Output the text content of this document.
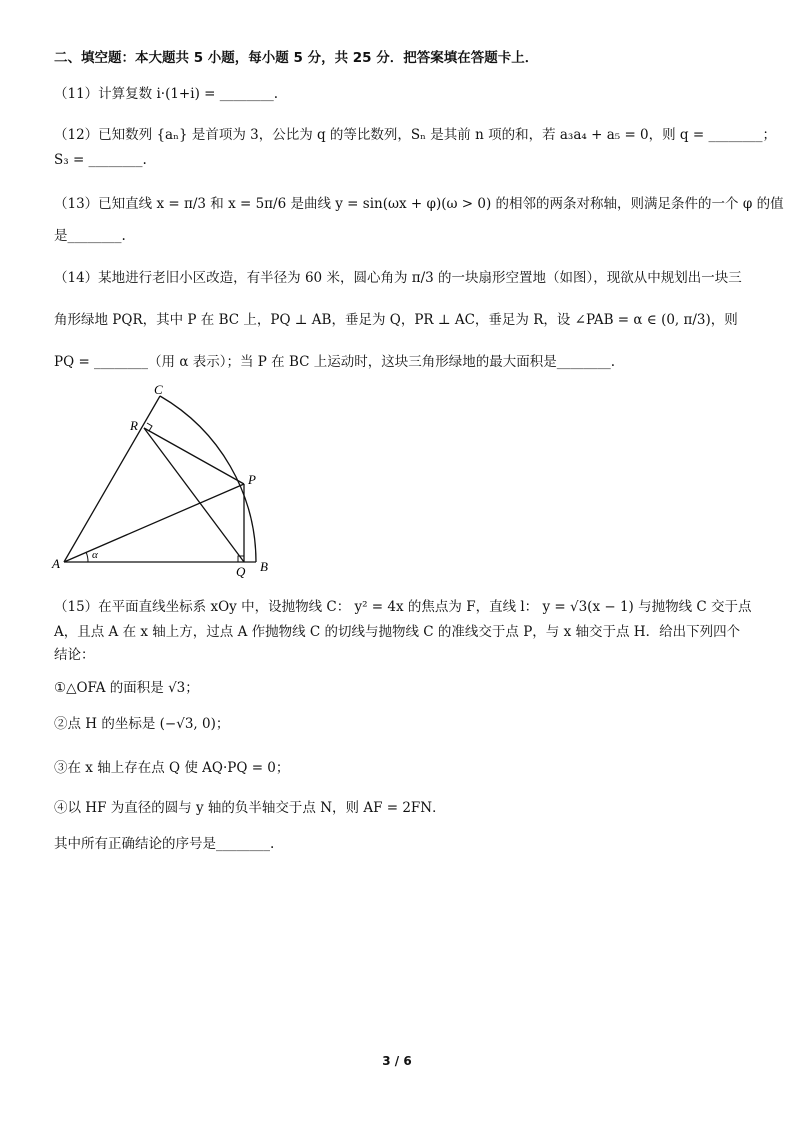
二、填空题：本大题共 5 小题，每小题 5 分，共 25 分．把答案填在答题卡上．
（11）计算复数 i·(1+i) = ________.
（12）已知数列 {aₙ} 是首项为 3，公比为 q 的等比数列，Sₙ 是其前 n 项的和，若 a₃a₄ + a₅ = 0，则 q = ________；
S₃ = ________.
（13）已知直线 x = π/3 和 x = 5π/6 是曲线 y = sin(ωx + φ)(ω > 0) 的相邻的两条对称轴，则满足条件的一个 φ 的值
是________.
（14）某地进行老旧小区改造，有半径为 60 米，圆心角为 π/3 的一块扇形空置地（如图），现欲从中规划出一块三
角形绿地 PQR，其中 P 在 BC 上，PQ ⊥ AB，垂足为 Q，PR ⊥ AC，垂足为 R，设 ∠PAB = α ∈ (0, π/3)，则
PQ = ________（用 α 表示）；当 P 在 BC 上运动时，这块三角形绿地的最大面积是________.
C
R
P
A
α
Q B
（15）在平面直线坐标系 xOy 中，设抛物线 C： y² = 4x 的焦点为 F，直线 l： y = √3(x − 1) 与抛物线 C 交于点
A，且点 A 在 x 轴上方，过点 A 作抛物线 C 的切线与抛物线 C 的准线交于点 P，与 x 轴交于点 H．给出下列四个
结论：
①△OFA 的面积是 √3；
②点 H 的坐标是 (−√3, 0)；
③在 x 轴上存在点 Q 使 AQ·PQ = 0；
④以 HF 为直径的圆与 y 轴的负半轴交于点 N，则 AF = 2FN．
其中所有正确结论的序号是________.
3 / 6
